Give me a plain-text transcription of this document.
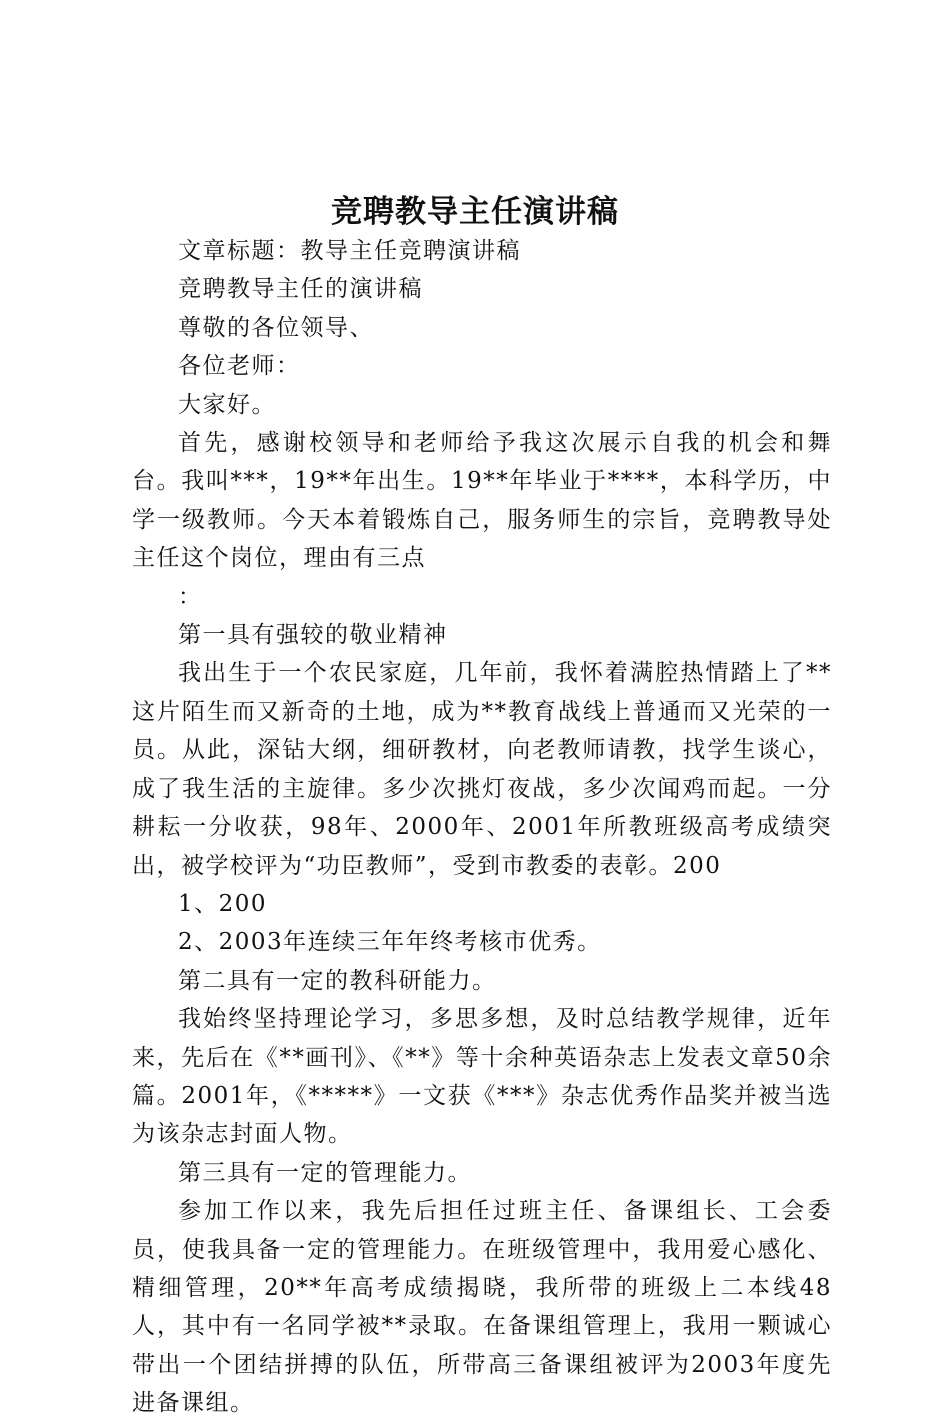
竞聘教导主任演讲稿

文章标题：教导主任竞聘演讲稿

竞聘教导主任的演讲稿

尊敬的各位领导、

各位老师：

大家好。

首先，感谢校领导和老师给予我这次展示自我的机会和舞台。我叫***，19**年出生。19**年毕业于****，本科学历，中学一级教师。今天本着锻炼自己，服务师生的宗旨，竞聘教导处主任这个岗位，理由有三点

：

第一具有强较的敬业精神

我出生于一个农民家庭，几年前，我怀着满腔热情踏上了**这片陌生而又新奇的土地，成为**教育战线上普通而又光荣的一员。从此，深钻大纲，细研教材，向老教师请教，找学生谈心，成了我生活的主旋律。多少次挑灯夜战，多少次闻鸡而起。一分耕耘一分收获，98年、2000年、2001年所教班级高考成绩突出，被学校评为“功臣教师”，受到市教委的表彰。200

1、200

2、2003年连续三年年终考核市优秀。

第二具有一定的教科研能力。

我始终坚持理论学习，多思多想，及时总结教学规律，近年来，先后在《**画刊》、《**》等十余种英语杂志上发表文章50余篇。2001年，《*****》一文获《***》杂志优秀作品奖并被当选为该杂志封面人物。

第三具有一定的管理能力。

参加工作以来，我先后担任过班主任、备课组长、工会委员，使我具备一定的管理能力。在班级管理中，我用爱心感化、精细管理，20**年高考成绩揭晓，我所带的班级上二本线48人，其中有一名同学被**录取。在备课组管理上，我用一颗诚心带出一个团结拼搏的队伍，所带高三备课组被评为2003年度先进备课组。
